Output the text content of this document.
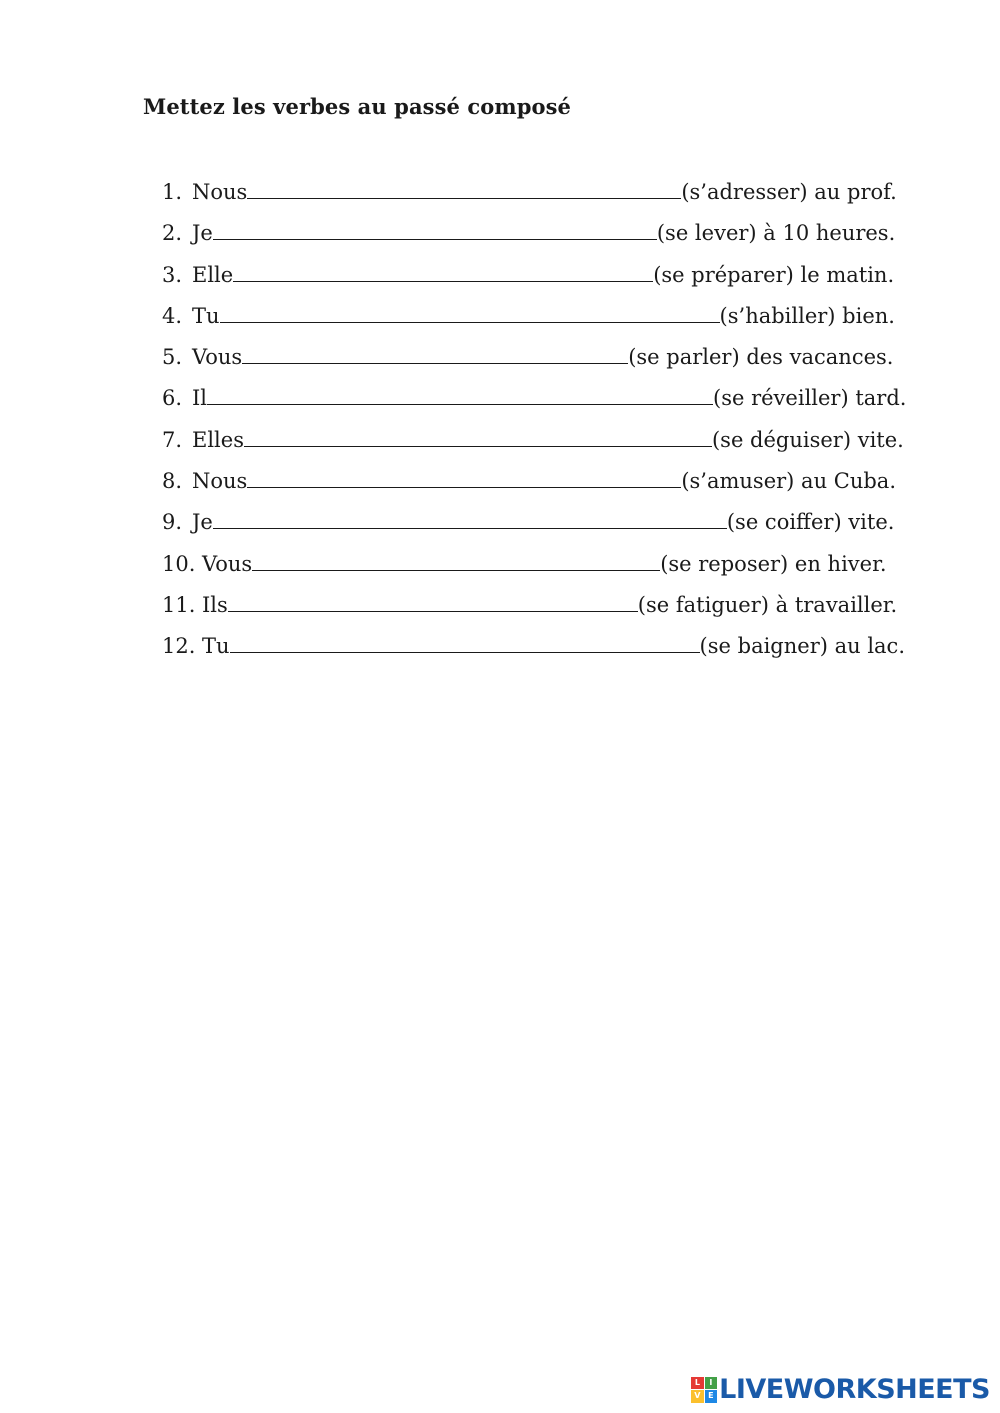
Mettez les verbes au passé composé
1. Nous	(s’adresser) au prof.
2. Je	(se lever) à 10 heures.
3. Elle	(se préparer) le matin.
4. Tu	(s’habiller) bien.
5. Vous	(se parler) des vacances.
6. Il	(se réveiller) tard.
7. Elles	(se déguiser) vite.
8. Nous	(s’amuser) au Cuba.
9. Je	(se coiffer) vite.
10. Vous	(se reposer) en hiver.
11. Ils	(se fatiguer) à travailler.
12. Tu	(se baigner) au lac.
L	I
V E LIVEWORKSHEETS
